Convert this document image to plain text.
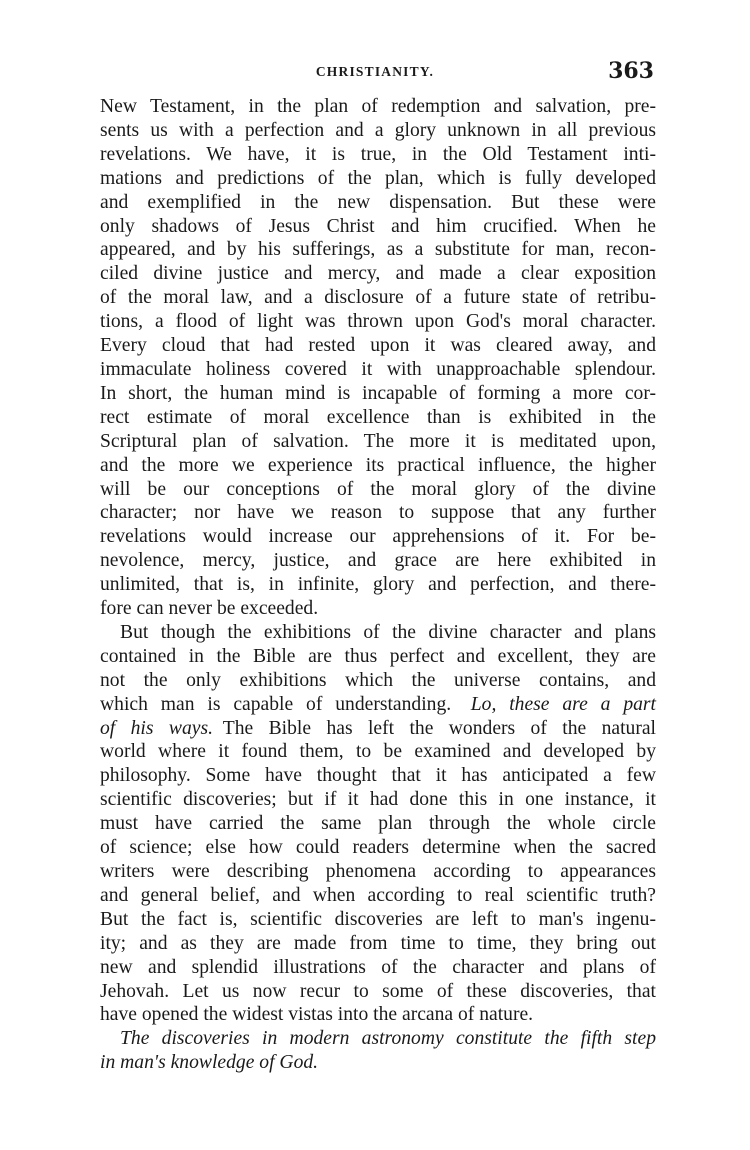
CHRISTIANITY.	363

New Testament, in the plan of redemption and salvation, pre-
sents us with a perfection and a glory unknown in all previous
revelations. We have, it is true, in the Old Testament inti-
mations and predictions of the plan, which is fully developed
and exemplified in the new dispensation. But these were
only shadows of Jesus Christ and him crucified. When he
appeared, and by his sufferings, as a substitute for man, recon-
ciled divine justice and mercy, and made a clear exposition
of the moral law, and a disclosure of a future state of retribu-
tions, a flood of light was thrown upon God's moral character.
Every cloud that had rested upon it was cleared away, and
immaculate holiness covered it with unapproachable splendour.
In short, the human mind is incapable of forming a more cor-
rect estimate of moral excellence than is exhibited in the
Scriptural plan of salvation. The more it is meditated upon,
and the more we experience its practical influence, the higher
will be our conceptions of the moral glory of the divine
character; nor have we reason to suppose that any further
revelations would increase our apprehensions of it. For be-
nevolence, mercy, justice, and grace are here exhibited in
unlimited, that is, in infinite, glory and perfection, and there-
fore can never be exceeded.

But though the exhibitions of the divine character and plans
contained in the Bible are thus perfect and excellent, they are
not the only exhibitions which the universe contains, and
which man is capable of understanding.  Lo, these are a part
of his ways.  The Bible has left the wonders of the natural
world where it found them, to be examined and developed by
philosophy. Some have thought that it has anticipated a few
scientific discoveries; but if it had done this in one instance, it
must have carried the same plan through the whole circle
of science; else how could readers determine when the sacred
writers were describing phenomena according to appearances
and general belief, and when according to real scientific truth?
But the fact is, scientific discoveries are left to man's ingenu-
ity; and as they are made from time to time, they bring out
new and splendid illustrations of the character and plans of
Jehovah. Let us now recur to some of these discoveries, that
have opened the widest vistas into the arcana of nature.

The discoveries in modern astronomy constitute the fifth step
in man's knowledge of God.
